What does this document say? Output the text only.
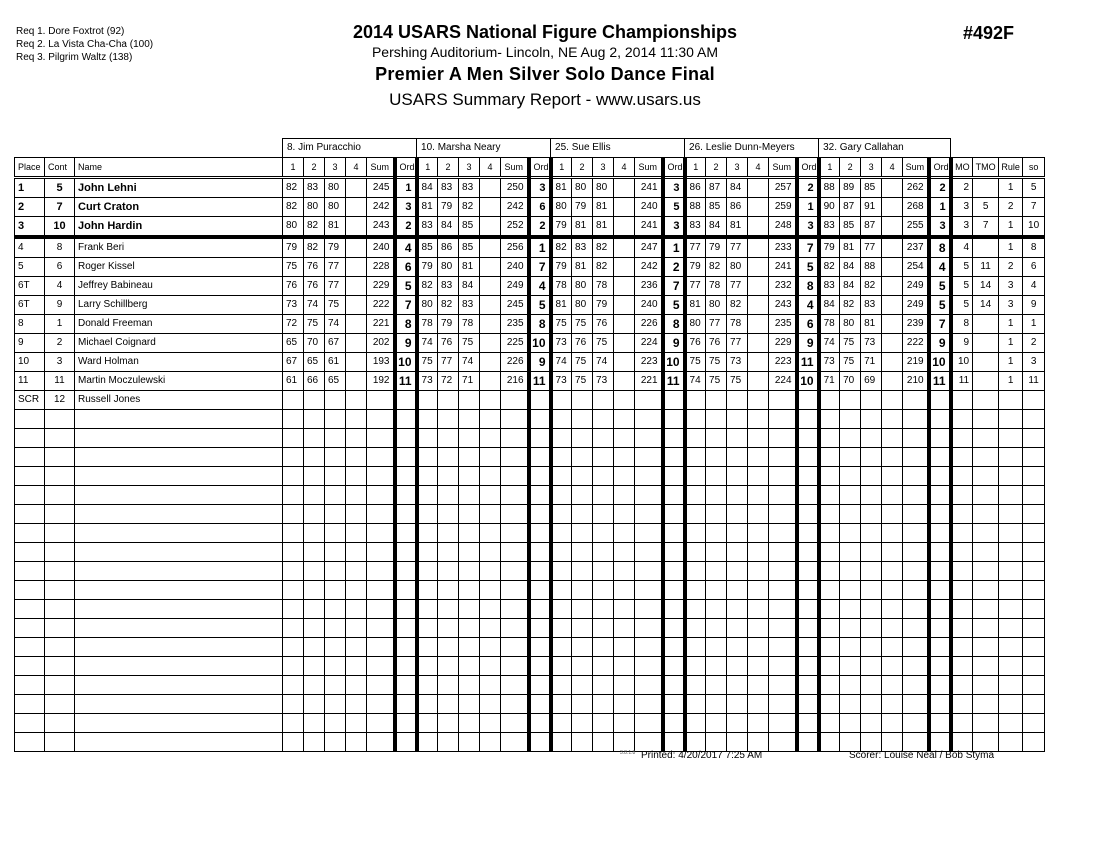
Req 1. Dore Foxtrot (92)
Req 2. La Vista Cha-Cha (100)
Req 3. Pilgrim Waltz (138)
2014 USARS National Figure Championships
Pershing Auditorium- Lincoln, NE Aug 2, 2014 11:30 AM
Premier A Men Silver Solo Dance Final
USARS Summary Report - www.usars.us
#492F
			8. Jim Puracchio						10. Marsha Neary						25. Sue Ellis						26. Leslie Dunn-Meyers						32. Gary Callahan									
Place	Cont	Name	1	2	3	4	Sum	Ord	1	2	3	4	Sum	Ord	1	2	3	4	Sum	Ord	1	2	3	4	Sum	Ord	1	2	3	4	Sum	Ord	MO	TMO	Rule	so
1	5	John Lehni	82	83	80		245	1	84	83	83		250	3	81	80	80		241	3	86	87	84		257	2	88	89	85		262	2	2		1	5
2	7	Curt Craton	82	80	80		242	3	81	79	82		242	6	80	79	81		240	5	88	85	86		259	1	90	87	91		268	1	3	5	2	7
3	10	John Hardin	80	82	81		243	2	83	84	85		252	2	79	81	81		241	3	83	84	81		248	3	83	85	87		255	3	3	7	1	10
4	8	Frank Beri	79	82	79		240	4	85	86	85		256	1	82	83	82		247	1	77	79	77		233	7	79	81	77		237	8	4		1	8
5	6	Roger Kissel	75	76	77		228	6	79	80	81		240	7	79	81	82		242	2	79	82	80		241	5	82	84	88		254	4	5	11	2	6
6T	4	Jeffrey Babineau	76	76	77		229	5	82	83	84		249	4	78	80	78		236	7	77	78	77		232	8	83	84	82		249	5	5	14	3	4
6T	9	Larry Schillberg	73	74	75		222	7	80	82	83		245	5	81	80	79		240	5	81	80	82		243	4	84	82	83		249	5	5	14	3	9
8	1	Donald Freeman	72	75	74		221	8	78	79	78		235	8	75	75	76		226	8	80	77	78		235	6	78	80	81		239	7	8		1	1
9	2	Michael Coignard	65	70	67		202	9	74	76	75		225	10	73	76	75		224	9	76	76	77		229	9	74	75	73		222	9	9		1	2
10	3	Ward Holman	67	65	61		193	10	75	77	74		226	9	74	75	74		223	10	75	75	73		223	11	73	75	71		219	10	10		1	3
11	11	Martin Moczulewski	61	66	65		192	11	73	72	71		216	11	73	75	73		221	11	74	75	75		224	10	71	70	69		210	11	11		1	11
SCR	12	Russell Jones																																		

3.8.1.8 Printed: 4/20/2017 7:25 AM	Scorer: Louise Neal / Bob Styma
